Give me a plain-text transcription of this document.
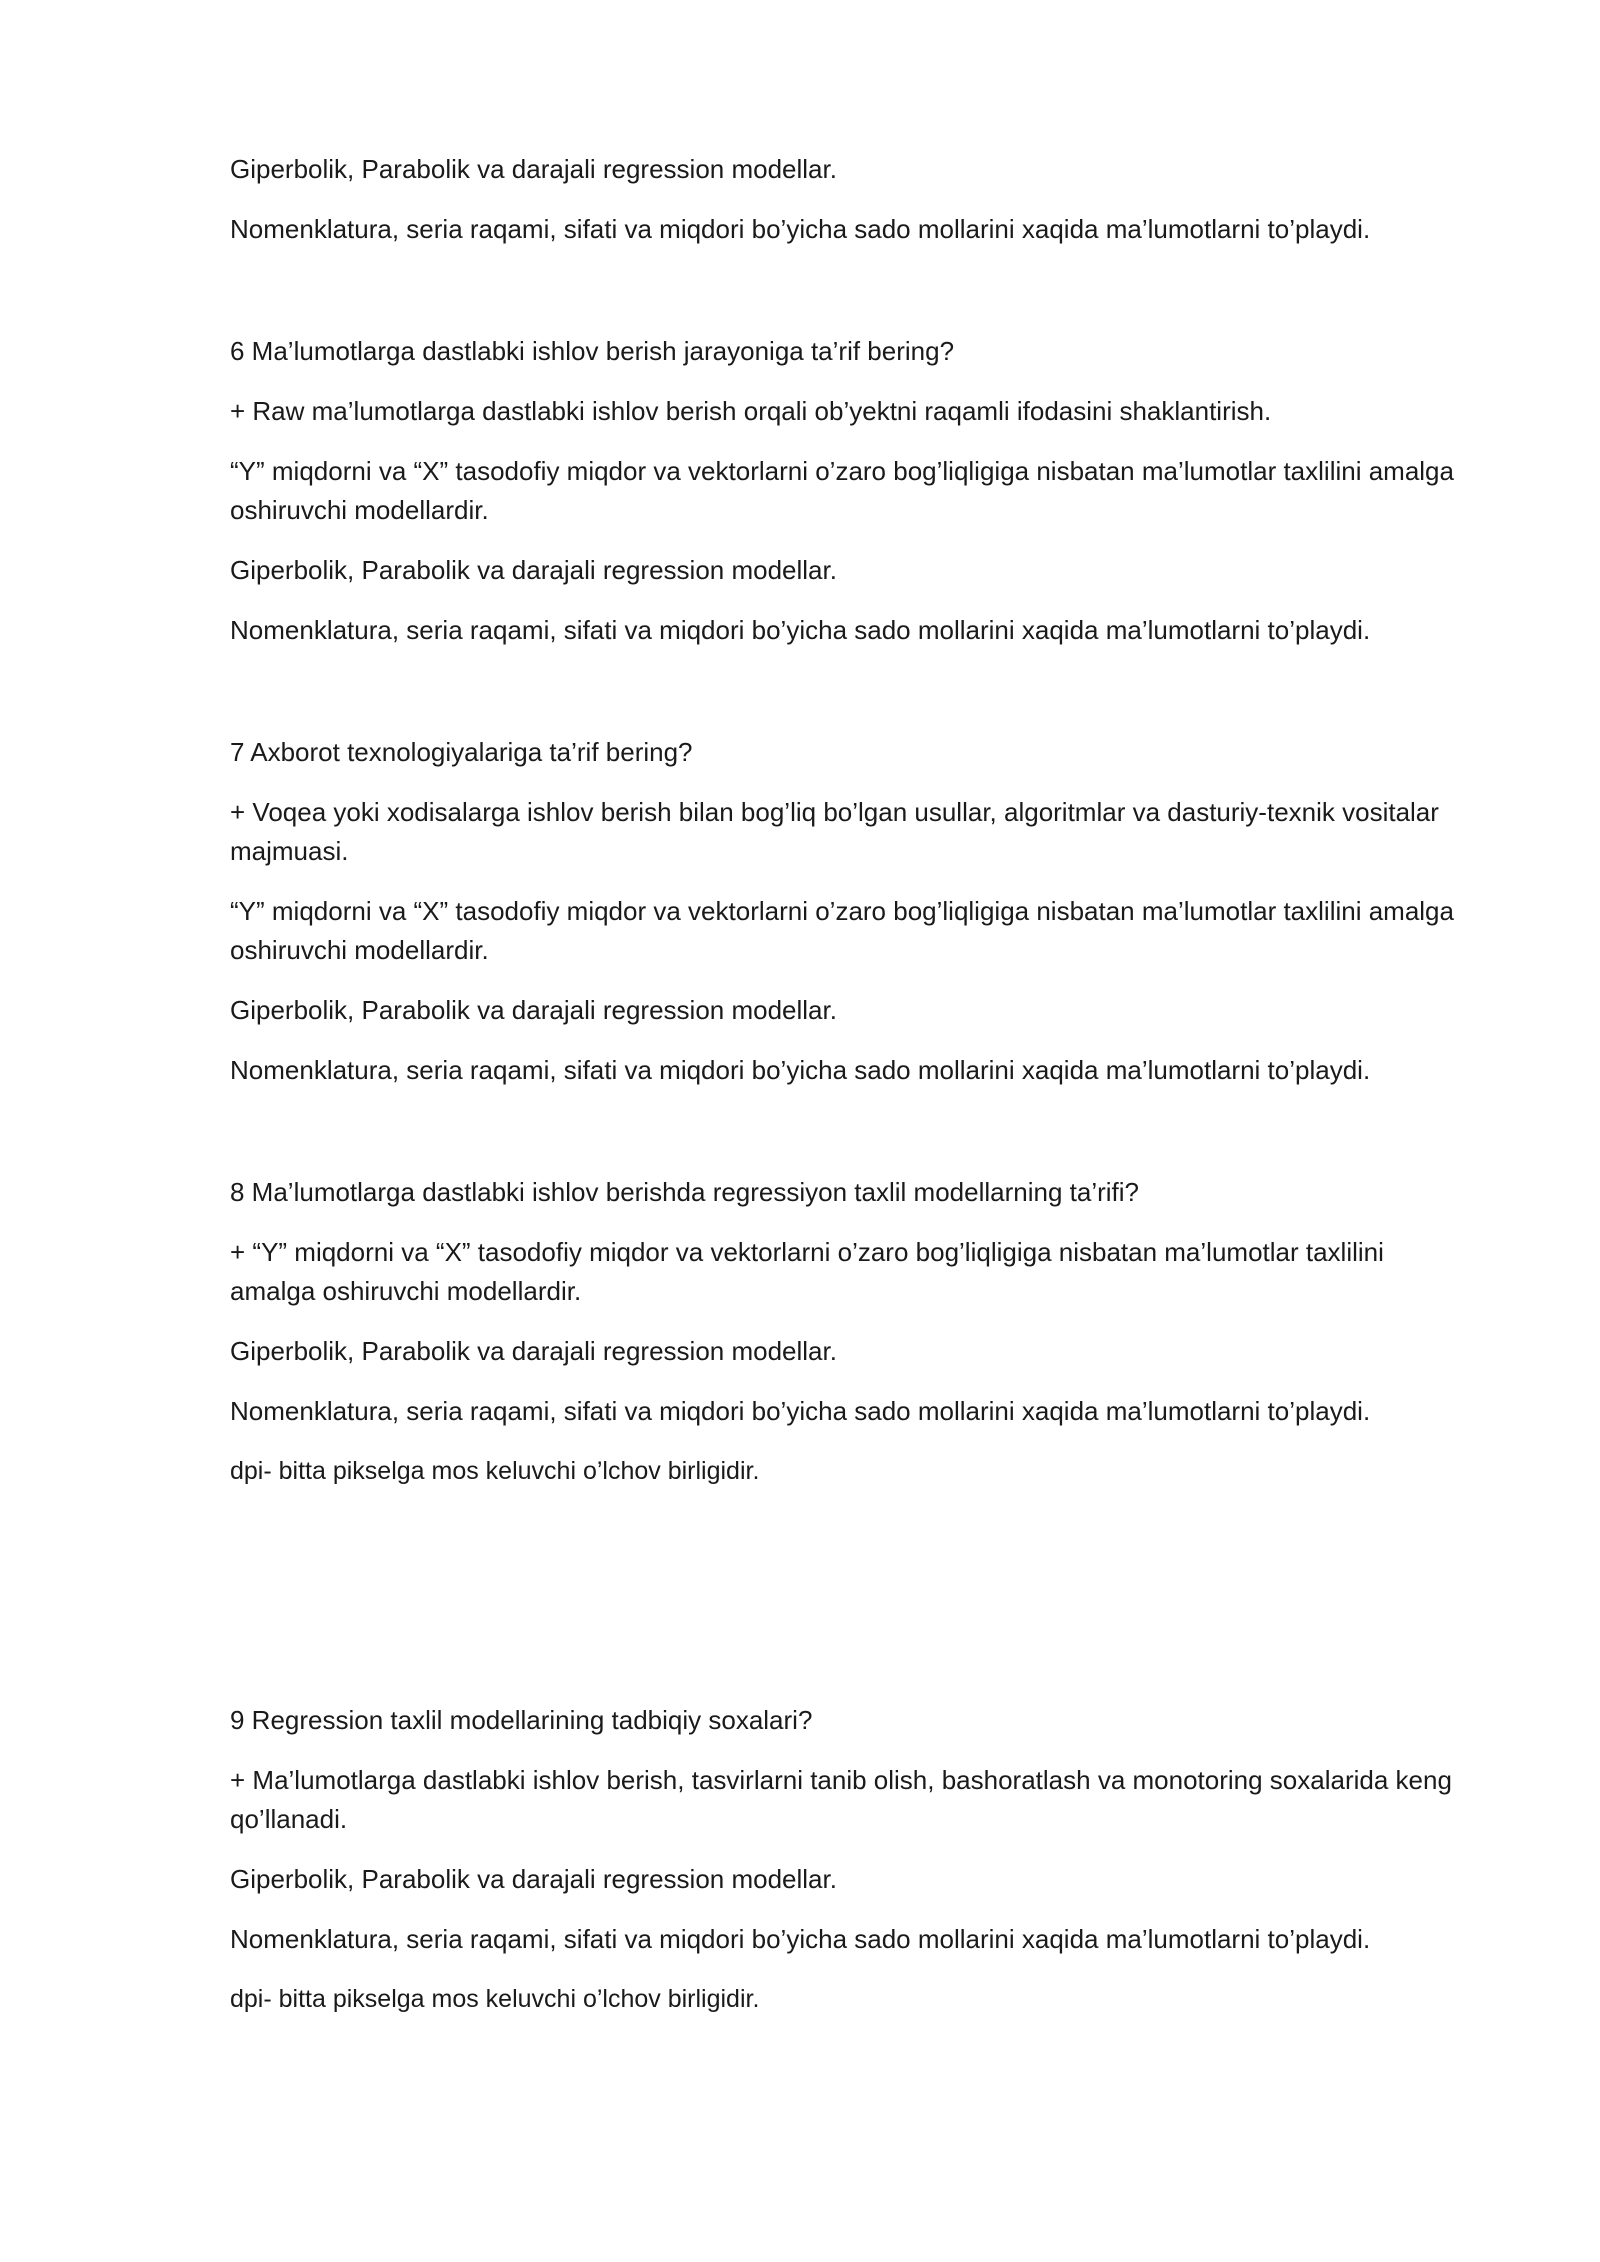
Giperbolik, Parabolik va darajali regression modellar.

Nomenklatura, seria raqami, sifati va miqdori bo’yicha sado mollarini xaqida ma’lumotlarni to’playdi.

6 Ma’lumotlarga dastlabki ishlov berish jarayoniga ta’rif bering?

+ Raw ma’lumotlarga dastlabki ishlov berish orqali ob’yektni raqamli ifodasini shaklantirish.

“Y” miqdorni va “X” tasodofiy miqdor va vektorlarni o’zaro bog’liqligiga nisbatan ma’lumotlar taxlilini amalga oshiruvchi modellardir.

Giperbolik, Parabolik va darajali regression modellar.

Nomenklatura, seria raqami, sifati va miqdori bo’yicha sado mollarini xaqida ma’lumotlarni to’playdi.

7 Axborot texnologiyalariga ta’rif bering?

+ Voqea yoki xodisalarga ishlov berish bilan bog’liq bo’lgan usullar, algoritmlar va dasturiy-texnik vositalar majmuasi.

“Y” miqdorni va “X” tasodofiy miqdor va vektorlarni o’zaro bog’liqligiga nisbatan ma’lumotlar taxlilini amalga oshiruvchi modellardir.

Giperbolik, Parabolik va darajali regression modellar.

Nomenklatura, seria raqami, sifati va miqdori bo’yicha sado mollarini xaqida ma’lumotlarni to’playdi.

8 Ma’lumotlarga dastlabki ishlov berishda regressiyon taxlil modellarning ta’rifi?

+ “Y” miqdorni va “X” tasodofiy miqdor va vektorlarni o’zaro bog’liqligiga nisbatan ma’lumotlar taxlilini amalga oshiruvchi modellardir.

Giperbolik, Parabolik va darajali regression modellar.

Nomenklatura, seria raqami, sifati va miqdori bo’yicha sado mollarini xaqida ma’lumotlarni to’playdi.

dpi- bitta pikselga mos keluvchi o’lchov birligidir.

9 Regression taxlil modellarining tadbiqiy soxalari?

+ Ma’lumotlarga dastlabki ishlov berish, tasvirlarni tanib olish, bashoratlash va monotoring soxalarida keng qo’llanadi.

Giperbolik, Parabolik va darajali regression modellar.

Nomenklatura, seria raqami, sifati va miqdori bo’yicha sado mollarini xaqida ma’lumotlarni to’playdi.

dpi- bitta pikselga mos keluvchi o’lchov birligidir.
